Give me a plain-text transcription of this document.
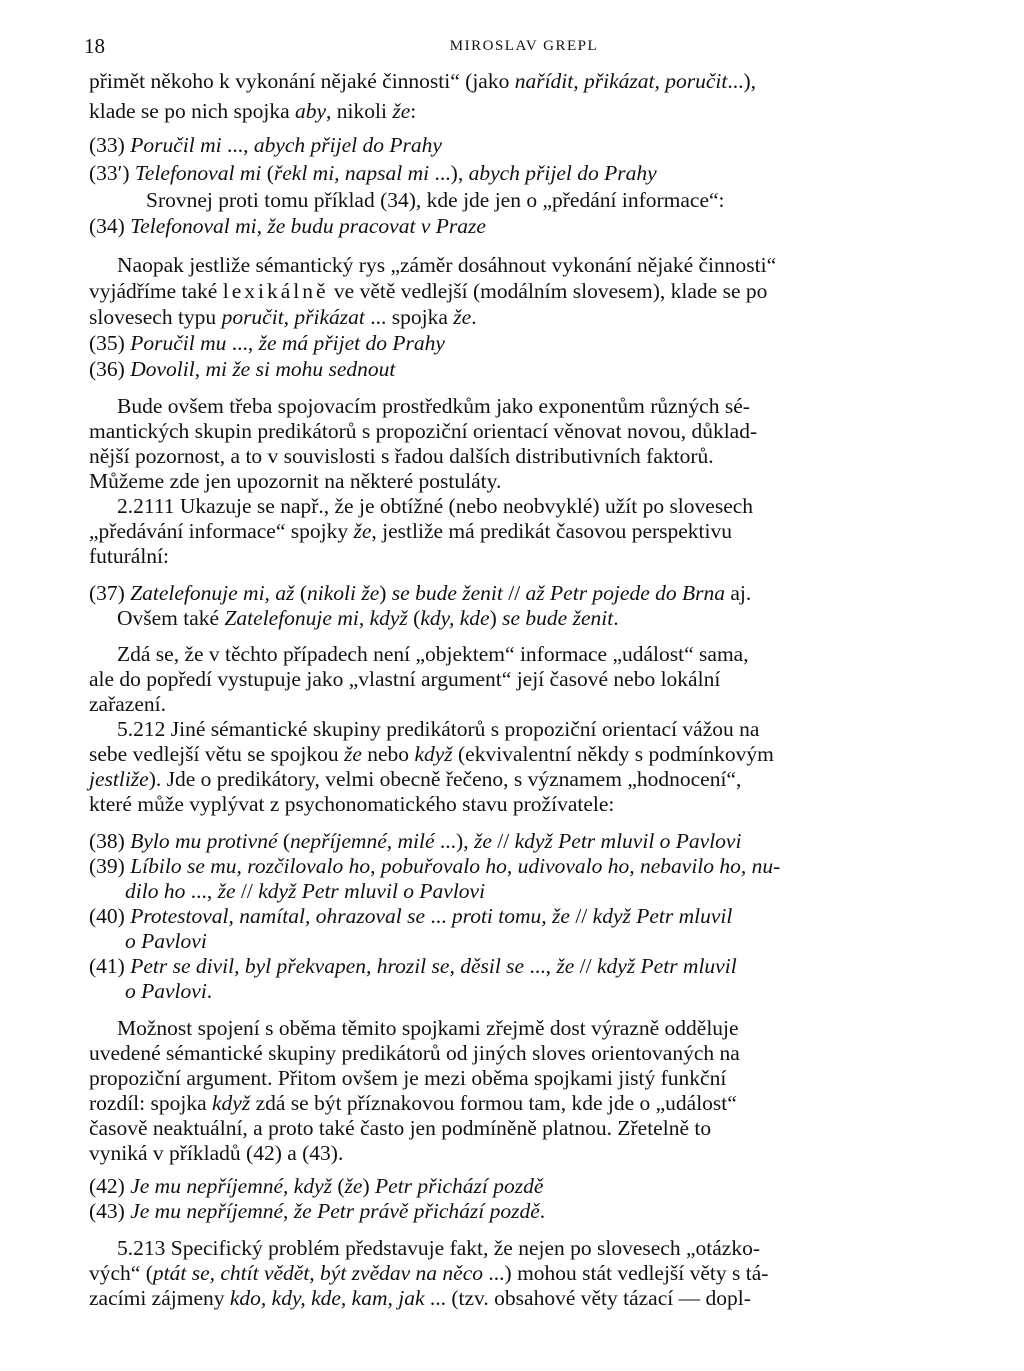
18	MIROSLAV GREPL
přimět někoho k vykonání nějaké činnosti“ (jako nařídit, přikázat, poručit...),
klade se po nich spojka aby, nikoli že:
(33) Poručil mi ..., abych přijel do Prahy
(33′) Telefonoval mi (řekl mi, napsal mi ...), abych přijel do Prahy
Srovnej proti tomu příklad (34), kde jde jen o „předání informace“:
(34) Telefonoval mi, že budu pracovat v Praze
Naopak jestliže sémantický rys „záměr dosáhnout vykonání nějaké činnosti“
vyjádříme také lexikálně ve větě vedlejší (modálním slovesem), klade se po
slovesech typu poručit, přikázat ... spojka že.
(35) Poručil mu ..., že má přijet do Prahy
(36) Dovolil, mi že si mohu sednout
Bude ovšem třeba spojovacím prostředkům jako exponentům různých sé-
mantických skupin predikátorů s propoziční orientací věnovat novou, důklad-
nější pozornost, a to v souvislosti s řadou dalších distributivních faktorů.
Můžeme zde jen upozornit na některé postuláty.
2.2111 Ukazuje se např., že je obtížné (nebo neobvyklé) užít po slovesech
„předávání informace“ spojky že, jestliže má predikát časovou perspektivu
futurální:
(37) Zatelefonuje mi, až (nikoli že) se bude ženit // až Petr pojede do Brna aj.
Ovšem také Zatelefonuje mi, když (kdy, kde) se bude ženit.
Zdá se, že v těchto případech není „objektem“ informace „událost“ sama,
ale do popředí vystupuje jako „vlastní argument“ její časové nebo lokální
zařazení.
5.212 Jiné sémantické skupiny predikátorů s propoziční orientací vážou na
sebe vedlejší větu se spojkou že nebo když (ekvivalentní někdy s podmínkovým
jestliže). Jde o predikátory, velmi obecně řečeno, s významem „hodnocení“,
které může vyplývat z psychonomatického stavu prožívatele:
(38) Bylo mu protivné (nepříjemné, milé ...), že // když Petr mluvil o Pavlovi
(39) Líbilo se mu, rozčilovalo ho, pobuřovalo ho, udivovalo ho, nebavilo ho, nu-
dilo ho ..., že // když Petr mluvil o Pavlovi
(40) Protestoval, namítal, ohrazoval se ... proti tomu, že // když Petr mluvil
o Pavlovi
(41) Petr se divil, byl překvapen, hrozil se, děsil se ..., že // když Petr mluvil
o Pavlovi.
Možnost spojení s oběma těmito spojkami zřejmě dost výrazně odděluje
uvedené sémantické skupiny predikátorů od jiných sloves orientovaných na
propoziční argument. Přitom ovšem je mezi oběma spojkami jistý funkční
rozdíl: spojka když zdá se být příznakovou formou tam, kde jde o „událost“
časově neaktuální, a proto také často jen podmíněně platnou. Zřetelně to
vyniká v příkladů (42) a (43).
(42) Je mu nepříjemné, když (že) Petr přichází pozdě
(43) Je mu nepříjemné, že Petr právě přichází pozdě.
5.213 Specifický problém představuje fakt, že nejen po slovesech „otázko-
vých“ (ptát se, chtít vědět, být zvědav na něco ...) mohou stát vedlejší věty s tá-
zacími zájmeny kdo, kdy, kde, kam, jak ... (tzv. obsahové věty tázací — dopl-
